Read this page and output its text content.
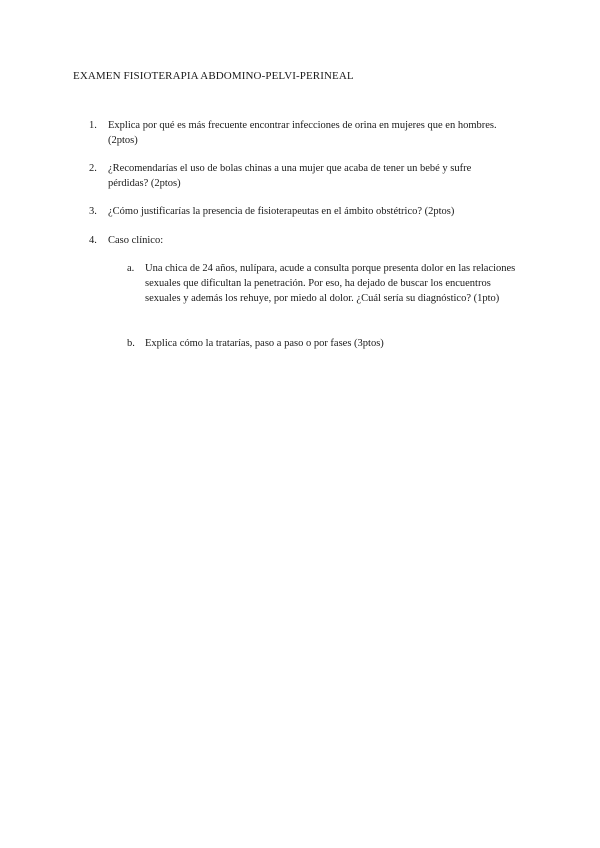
EXAMEN FISIOTERAPIA ABDOMINO-PELVI-PERINEAL
1.	Explica por qué es más frecuente encontrar infecciones de orina en mujeres que en hombres. (2ptos)
2.	¿Recomendarías el uso de bolas chinas a una mujer que acaba de tener un bebé y sufre pérdidas? (2ptos)
3.	¿Cómo justificarías la presencia de fisioterapeutas en el ámbito obstétrico? (2ptos)
4.	Caso clínico:
a.	Una chica de 24 años, nulípara, acude a consulta porque presenta dolor en las relaciones sexuales que dificultan la penetración. Por eso, ha dejado de buscar los encuentros sexuales y además los rehuye, por miedo al dolor. ¿Cuál sería su diagnóstico? (1pto)
b. Explica cómo la tratarías, paso a paso o por fases (3ptos)
